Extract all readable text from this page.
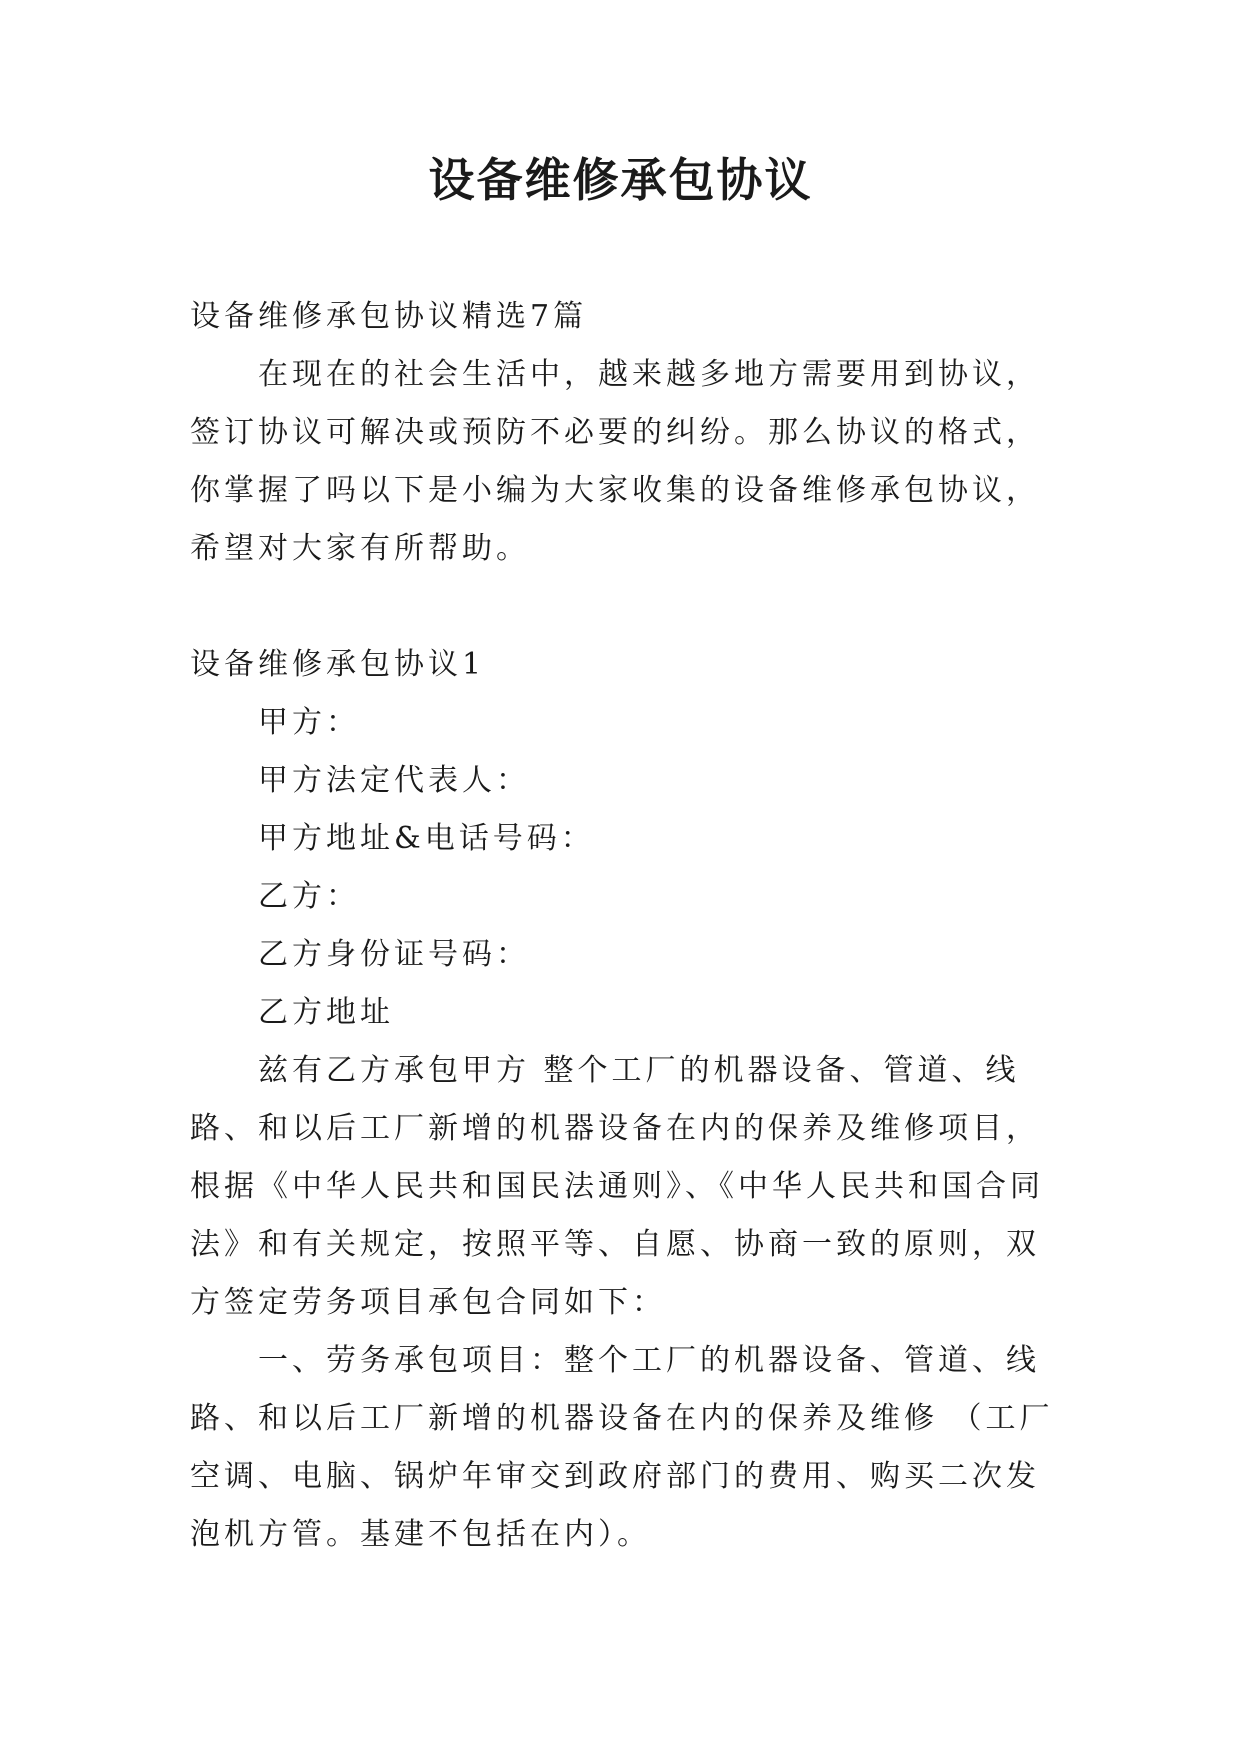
设备维修承包协议

设备维修承包协议精选7篇

在现在的社会生活中，越来越多地方需要用到协议，签订协议可解决或预防不必要的纠纷。那么协议的格式，你掌握了吗以下是小编为大家收集的设备维修承包协议，希望对大家有所帮助。

设备维修承包协议1

甲方：

甲方法定代表人：

甲方地址&电话号码：

乙方：

乙方身份证号码：

乙方地址

兹有乙方承包甲方 整个工厂的机器设备、管道、线路、和以后工厂新增的机器设备在内的保养及维修项目，根据《中华人民共和国民法通则》、《中华人民共和国合同法》和有关规定，按照平等、自愿、协商一致的原则，双方签定劳务项目承包合同如下：

一、劳务承包项目：整个工厂的机器设备、管道、线路、和以后工厂新增的机器设备在内的保养及维修 （工厂空调、电脑、锅炉年审交到政府部门的费用、购买二次发泡机方管。基建不包括在内）。
